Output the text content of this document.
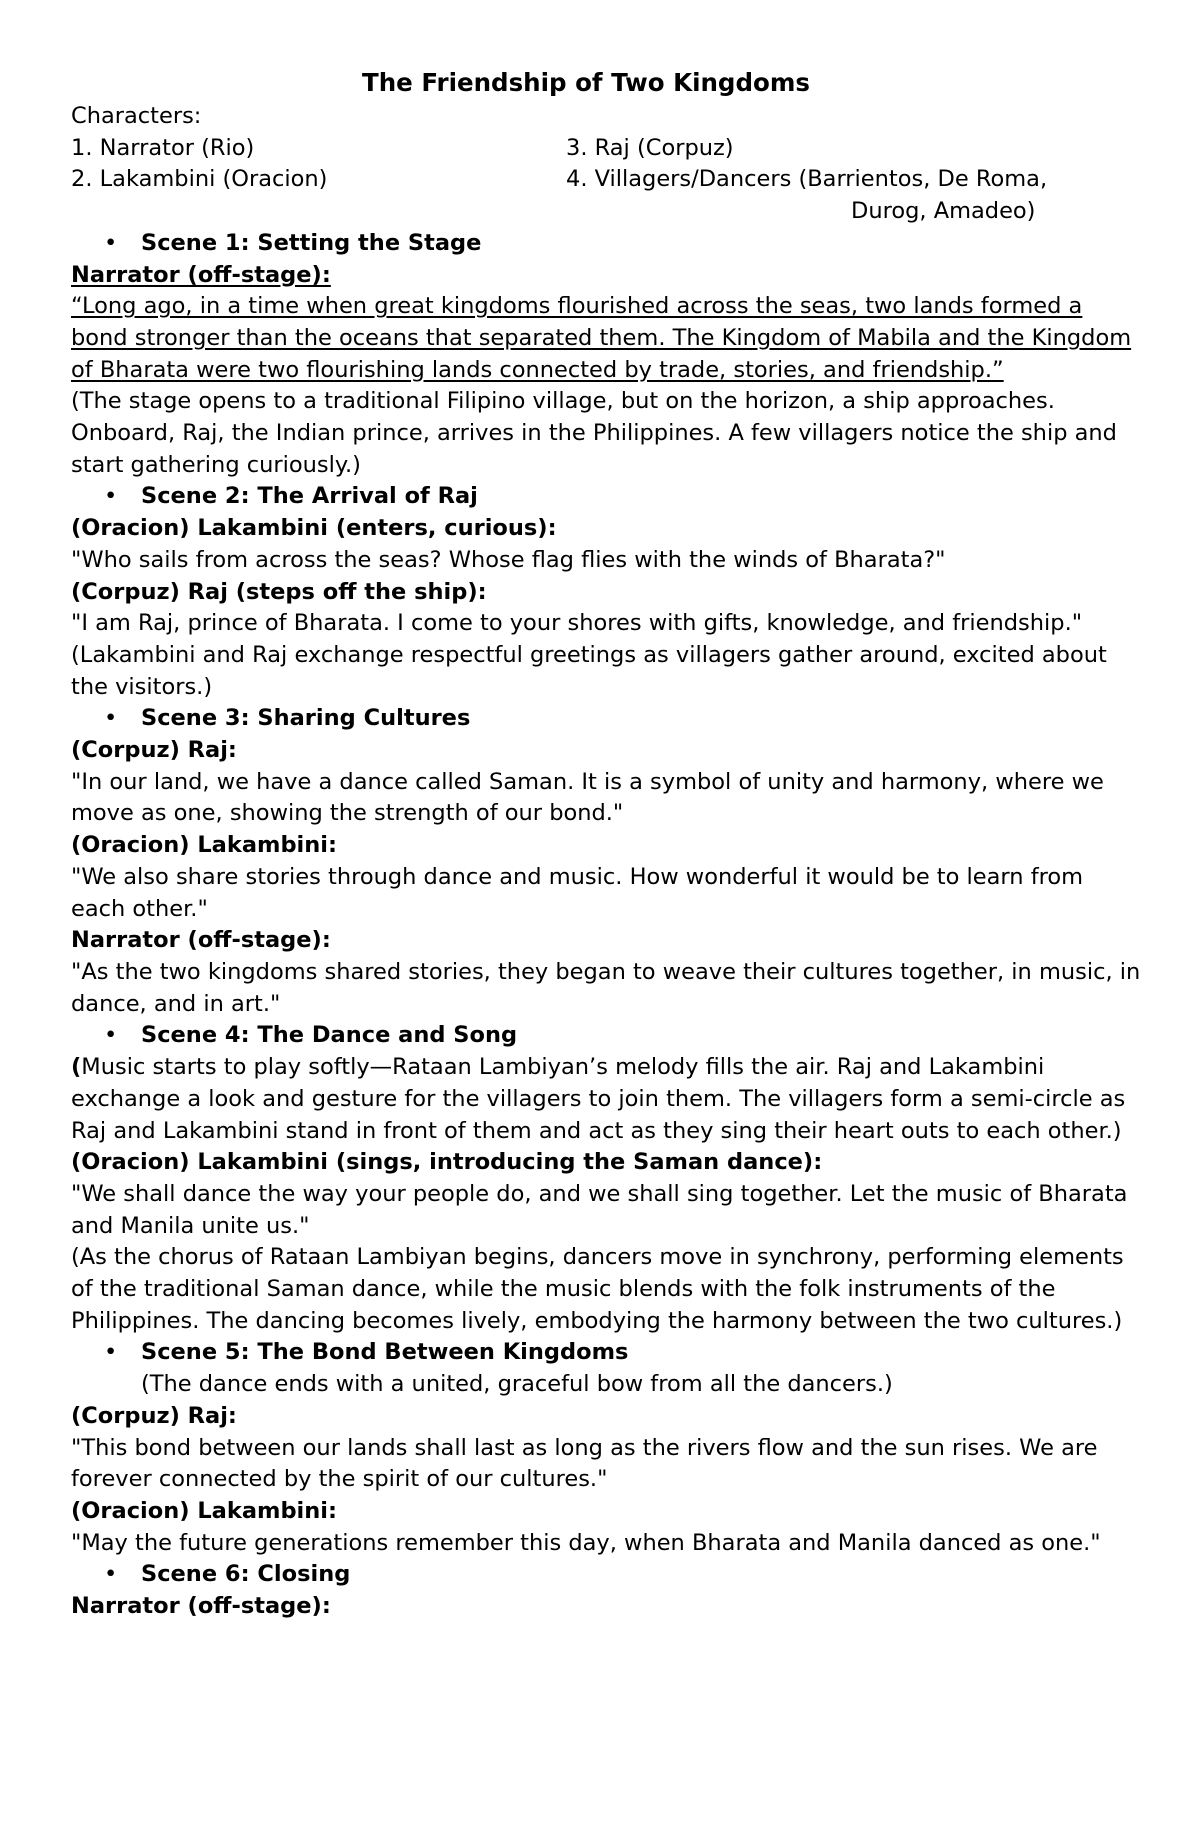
The Friendship of Two Kingdoms

Characters:

1. Narrator (Rio)

2. Lakambini (Oracion)

3. Raj (Corpuz)

4. Villagers/Dancers (Barrientos, De Roma,

Durog, Amadeo)

• Scene 1: Setting the Stage

Narrator (off-stage):

“Long ago, in a time when great kingdoms flourished across the seas, two lands formed a bond stronger than the oceans that separated them. The Kingdom of Mabila and the Kingdom of Bharata were two flourishing lands connected by trade, stories, and friendship.”

(The stage opens to a traditional Filipino village, but on the horizon, a ship approaches. Onboard, Raj, the Indian prince, arrives in the Philippines. A few villagers notice the ship and start gathering curiously.)

• Scene 2: The Arrival of Raj

(Oracion) Lakambini (enters, curious):

"Who sails from across the seas? Whose flag flies with the winds of Bharata?"

(Corpuz) Raj (steps off the ship):

"I am Raj, prince of Bharata. I come to your shores with gifts, knowledge, and friendship."

(Lakambini and Raj exchange respectful greetings as villagers gather around, excited about the visitors.)

• Scene 3: Sharing Cultures

(Corpuz) Raj:

"In our land, we have a dance called Saman. It is a symbol of unity and harmony, where we move as one, showing the strength of our bond."

(Oracion) Lakambini:

"We also share stories through dance and music. How wonderful it would be to learn from each other."

Narrator (off-stage):

"As the two kingdoms shared stories, they began to weave their cultures together, in music, in dance, and in art."

• Scene 4: The Dance and Song

(Music starts to play softly—Rataan Lambiyan’s melody fills the air. Raj and Lakambini exchange a look and gesture for the villagers to join them. The villagers form a semi-circle as Raj and Lakambini stand in front of them and act as they sing their heart outs to each other.)

(Oracion) Lakambini (sings, introducing the Saman dance):

"We shall dance the way your people do, and we shall sing together. Let the music of Bharata and Manila unite us."

(As the chorus of Rataan Lambiyan begins, dancers move in synchrony, performing elements of the traditional Saman dance, while the music blends with the folk instruments of the Philippines. The dancing becomes lively, embodying the harmony between the two cultures.)

• Scene 5: The Bond Between Kingdoms

(The dance ends with a united, graceful bow from all the dancers.)

(Corpuz) Raj:

"This bond between our lands shall last as long as the rivers flow and the sun rises. We are forever connected by the spirit of our cultures."

(Oracion) Lakambini:

"May the future generations remember this day, when Bharata and Manila danced as one."

• Scene 6: Closing

Narrator (off-stage):
